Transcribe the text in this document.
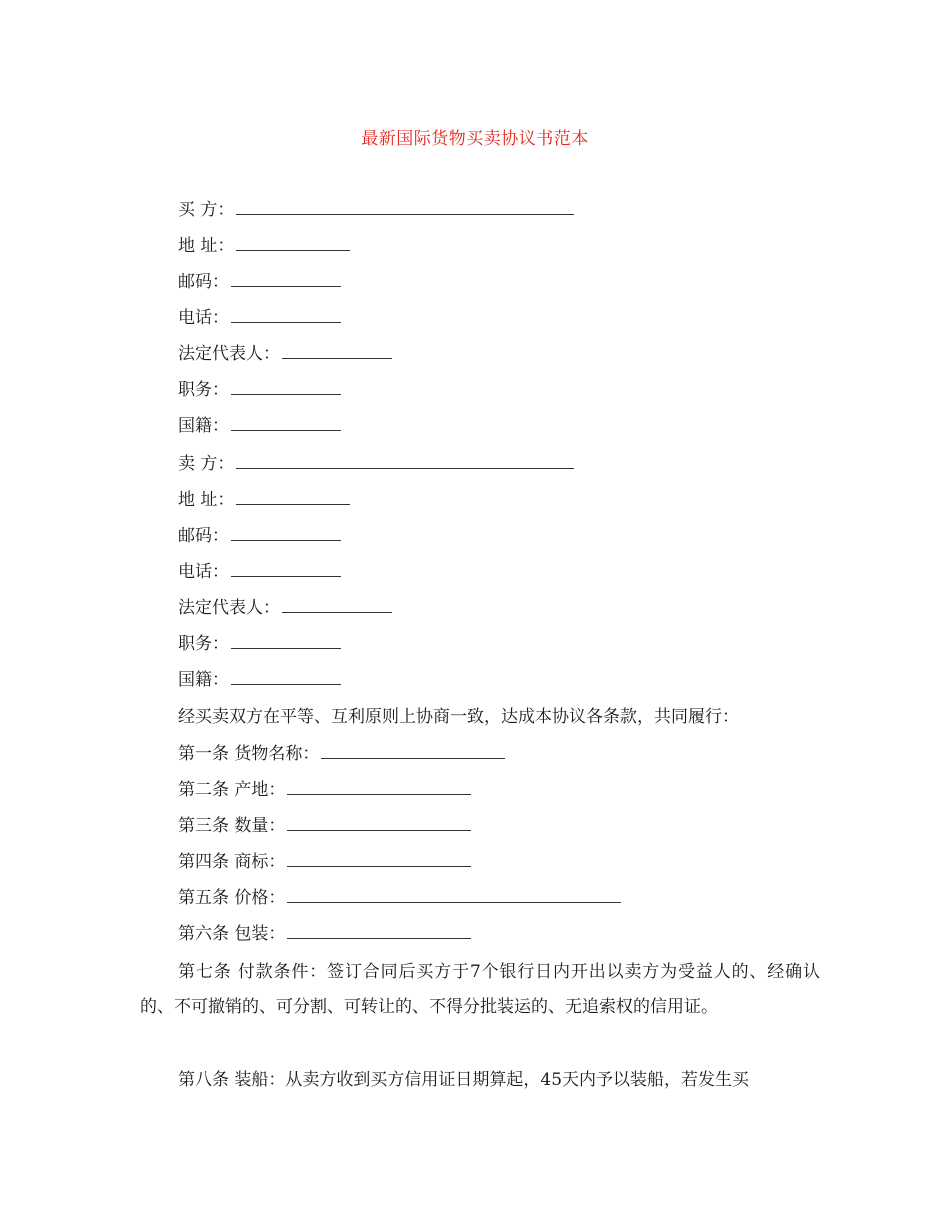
最新国际货物买卖协议书范本
买 方：
地 址：
邮码：
电话：
法定代表人：
职务：
国籍：
卖 方：
地 址：
邮码：
电话：
法定代表人：
职务：
国籍：
经买卖双方在平等、互利原则上协商一致，达成本协议各条款，共同履行：
第一条 货物名称：
第二条 产地：
第三条 数量：
第四条 商标：
第五条 价格：
第六条 包装：
第七条 付款条件：签订合同后买方于7个银行日内开出以卖方为受益人的、经确认的、不可撤销的、可分割、可转让的、不得分批装运的、无追索权的信用证。
第八条 装船：从卖方收到买方信用证日期算起，45天内予以装船，若发生买
